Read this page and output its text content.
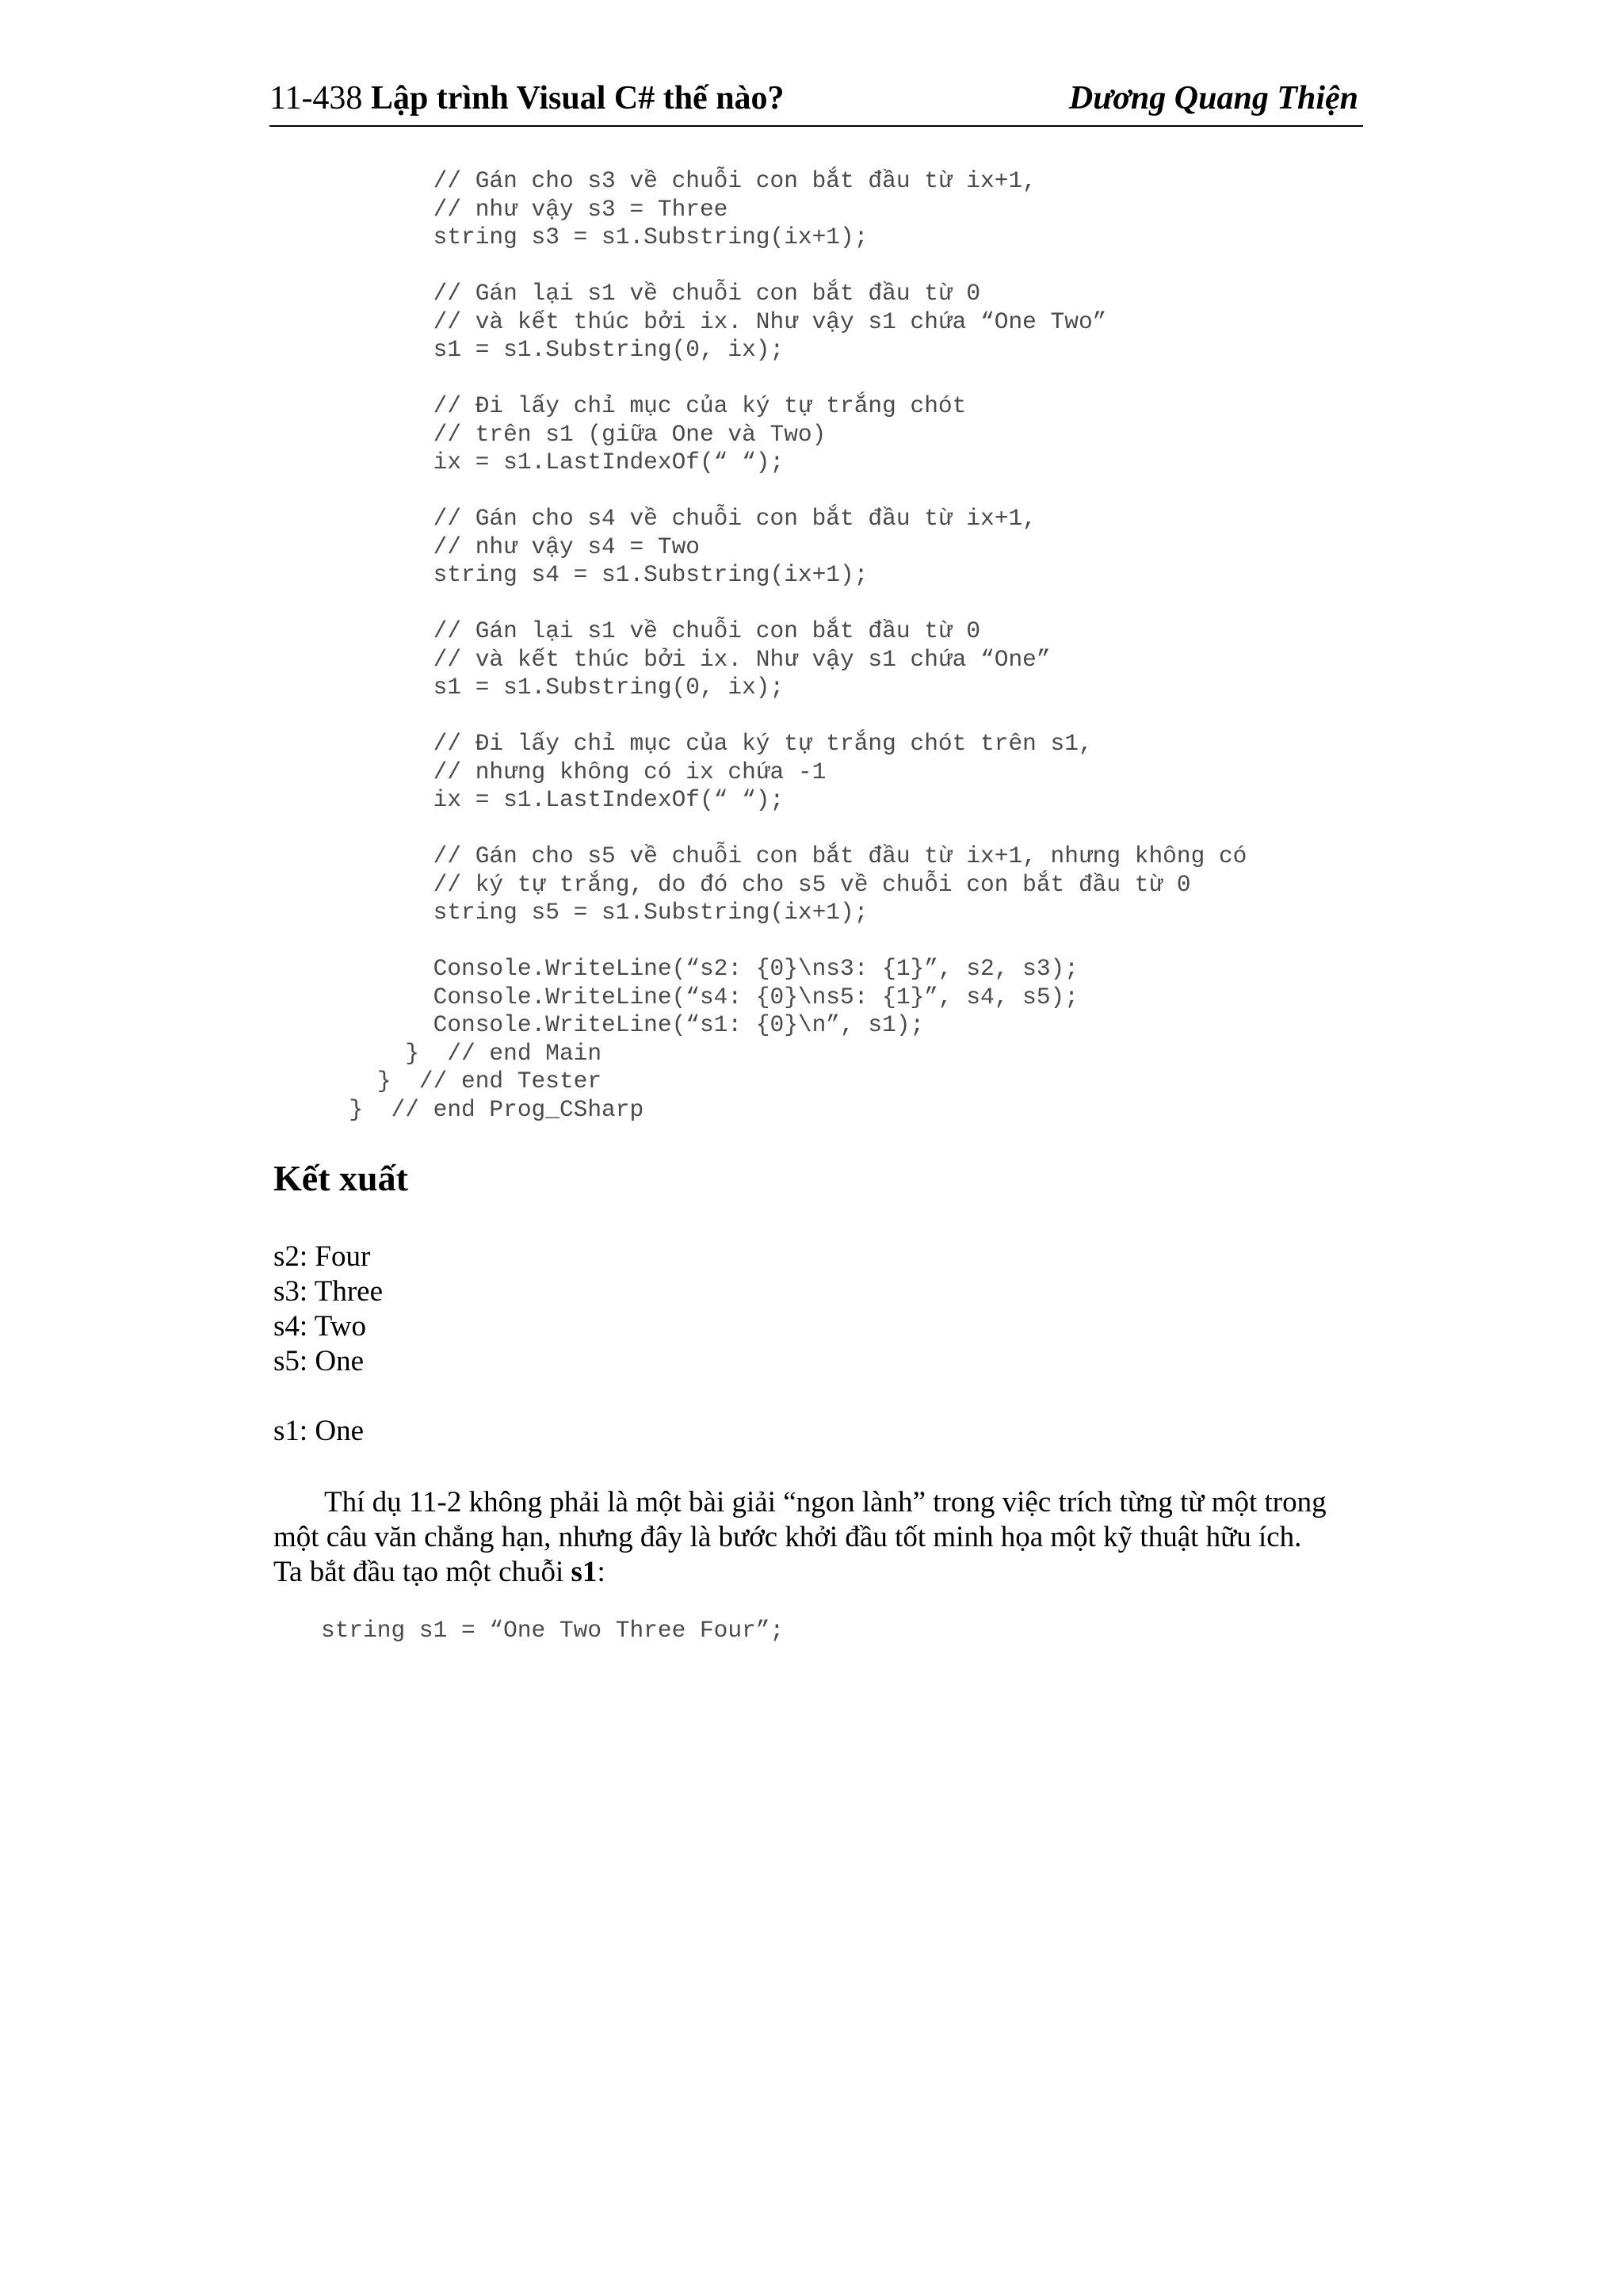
11-438 Lập trình Visual C# thế nào?	Dương Quang Thiện
// Gán cho s3 về chuỗi con bắt đầu từ ix+1,
// như vậy s3 = Three
string s3 = s1.Substring(ix+1);

// Gán lại s1 về chuỗi con bắt đầu từ 0
// và kết thúc bởi ix. Như vậy s1 chứa “One Two”
s1 = s1.Substring(0, ix);

// Đi lấy chỉ mục của ký tự trắng chót
// trên s1 (giữa One và Two)
ix = s1.LastIndexOf(“ “);

// Gán cho s4 về chuỗi con bắt đầu từ ix+1,
// như vậy s4 = Two
string s4 = s1.Substring(ix+1);

// Gán lại s1 về chuỗi con bắt đầu từ 0
// và kết thúc bởi ix. Như vậy s1 chứa “One”
s1 = s1.Substring(0, ix);

// Đi lấy chỉ mục của ký tự trắng chót trên s1,
// nhưng không có ix chứa -1
ix = s1.LastIndexOf(“ “);

// Gán cho s5 về chuỗi con bắt đầu từ ix+1, nhưng không có
// ký tự trắng, do đó cho s5 về chuỗi con bắt đầu từ 0
string s5 = s1.Substring(ix+1);

Console.WriteLine(“s2: {0}\ns3: {1}”, s2, s3);
Console.WriteLine(“s4: {0}\ns5: {1}”, s4, s5);
Console.WriteLine(“s1: {0}\n”, s1);
}  // end Main
}  // end Tester
}  // end Prog_CSharp

Kết xuất
s2: Four
s3: Three
s4: Two
s5: One
s1: One
Thí dụ 11-2 không phải là một bài giải “ngon lành” trong việc trích từng từ một trong
một câu văn chẳng hạn, nhưng đây là bước khởi đầu tốt minh họa một kỹ thuật hữu ích.
Ta bắt đầu tạo một chuỗi s1:
string s1 = “One Two Three Four”;
